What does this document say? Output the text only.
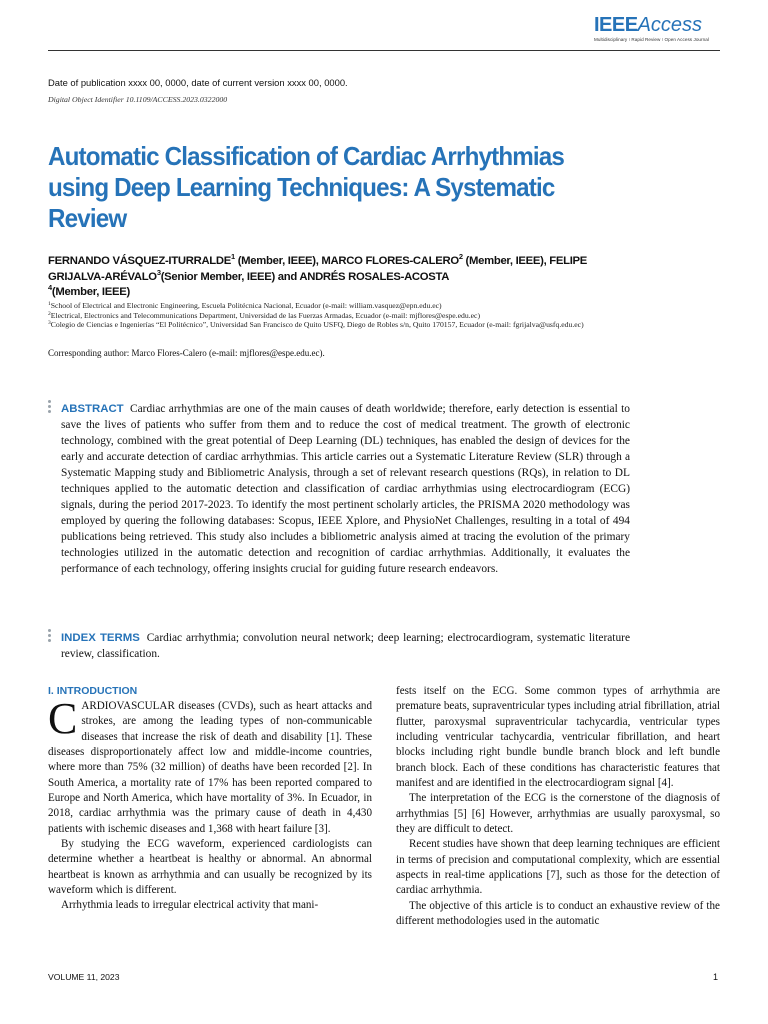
IEEEAccess
Multidisciplinary ⁝ Rapid Review ⁝ Open Access Journal
Date of publication xxxx 00, 0000, date of current version xxxx 00, 0000.
Digital Object Identifier 10.1109/ACCESS.2023.0322000
Automatic Classification of Cardiac Arrhythmias using Deep Learning Techniques: A Systematic Review
FERNANDO VÁSQUEZ-ITURRALDE$^1$ (Member, IEEE), MARCO FLORES-CALERO$^2$ (Member, IEEE), FELIPE GRIJALVA-ARÉVALO$^3$(Senior Member, IEEE) and ANDRÉS ROSALES-ACOSTA
$^4$(Member, IEEE)
$^1$School of Electrical and Electronic Engineering, Escuela Politécnica Nacional, Ecuador (e-mail: william.vasquez@epn.edu.ec)
$^2$Electrical, Electronics and Telecommunications Department, Universidad de las Fuerzas Armadas, Ecuador (e-mail: mjflores@espe.edu.ec)
$^3$Colegio de Ciencias e Ingenierías “El Politécnico”, Universidad San Francisco de Quito USFQ, Diego de Robles s/n, Quito 170157, Ecuador (e-mail: fgrijalva@usfq.edu.ec)
Corresponding author: Marco Flores-Calero (e-mail: mjflores@espe.edu.ec).
ABSTRACT Cardiac arrhythmias are one of the main causes of death worldwide; therefore, early detection is essential to save the lives of patients who suffer from them and to reduce the cost of medical treatment. The growth of electronic technology, combined with the great potential of Deep Learning (DL) techniques, has enabled the design of devices for the early and accurate detection of cardiac arrhythmias. This article carries out a Systematic Literature Review (SLR) through a Systematic Mapping study and Bibliometric Analysis, through a set of relevant research questions (RQs), in relation to DL techniques applied to the automatic detection and classification of cardiac arrhythmias using electrocardiogram (ECG) signals, during the period 2017-2023. To identify the most pertinent scholarly articles, the PRISMA 2020 methodology was employed by quering the following databases: Scopus, IEEE Xplore, and PhysioNet Challenges, resulting in a total of 494 publications being retrieved. This study also includes a bibliometric analysis aimed at tracing the evolution of the primary technologies utilized in the automatic detection and recognition of cardiac arrhythmias. Additionally, it evaluates the performance of each technology, offering insights crucial for guiding future research endeavors.
INDEX TERMS Cardiac arrhythmia; convolution neural network; deep learning; electrocardiogram, systematic literature review, classification.
I. INTRODUCTION

CARDIOVASCULAR diseases (CVDs), such as heart attacks and strokes, are among the leading types of non-communicable diseases that increase the risk of death and disability [1]. These diseases disproportionately affect low and middle-income countries, where more than 75% (32 million) of deaths have been recorded [2]. In South America, a mortality rate of 17% has been reported compared to Europe and North America, which have mortality of 3%. In Ecuador, in 2018, cardiac arrhythmia was the primary cause of death in 4,430 patients with ischemic diseases and 1,368 with heart failure [3].

By studying the ECG waveform, experienced cardiologists can determine whether a heartbeat is healthy or abnormal. An abnormal heartbeat is known as arrhythmia and can usually be recognized by its waveform which is different.

Arrhythmia leads to irregular electrical activity that mani-

fests itself on the ECG. Some common types of arrhythmia are premature beats, supraventricular types including atrial fibrillation, atrial flutter, paroxysmal supraventricular tachycardia, ventricular types including ventricular tachycardia, ventricular fibrillation, and heart blocks including right bundle bundle branch block and left bundle branch block. Each of these conditions has characteristic features that manifest and are identified in the electrocardiogram signal [4].

The interpretation of the ECG is the cornerstone of the diagnosis of arrhythmias [5] [6] However, arrhythmias are usually paroxysmal, so they are difficult to detect.

Recent studies have shown that deep learning techniques are efficient in terms of precision and computational complexity, which are essential aspects in real-time applications [7], such as those for the detection of cardiac arrhythmia.

The objective of this article is to conduct an exhaustive review of the different methodologies used in the automatic

VOLUME 11, 2023	1
